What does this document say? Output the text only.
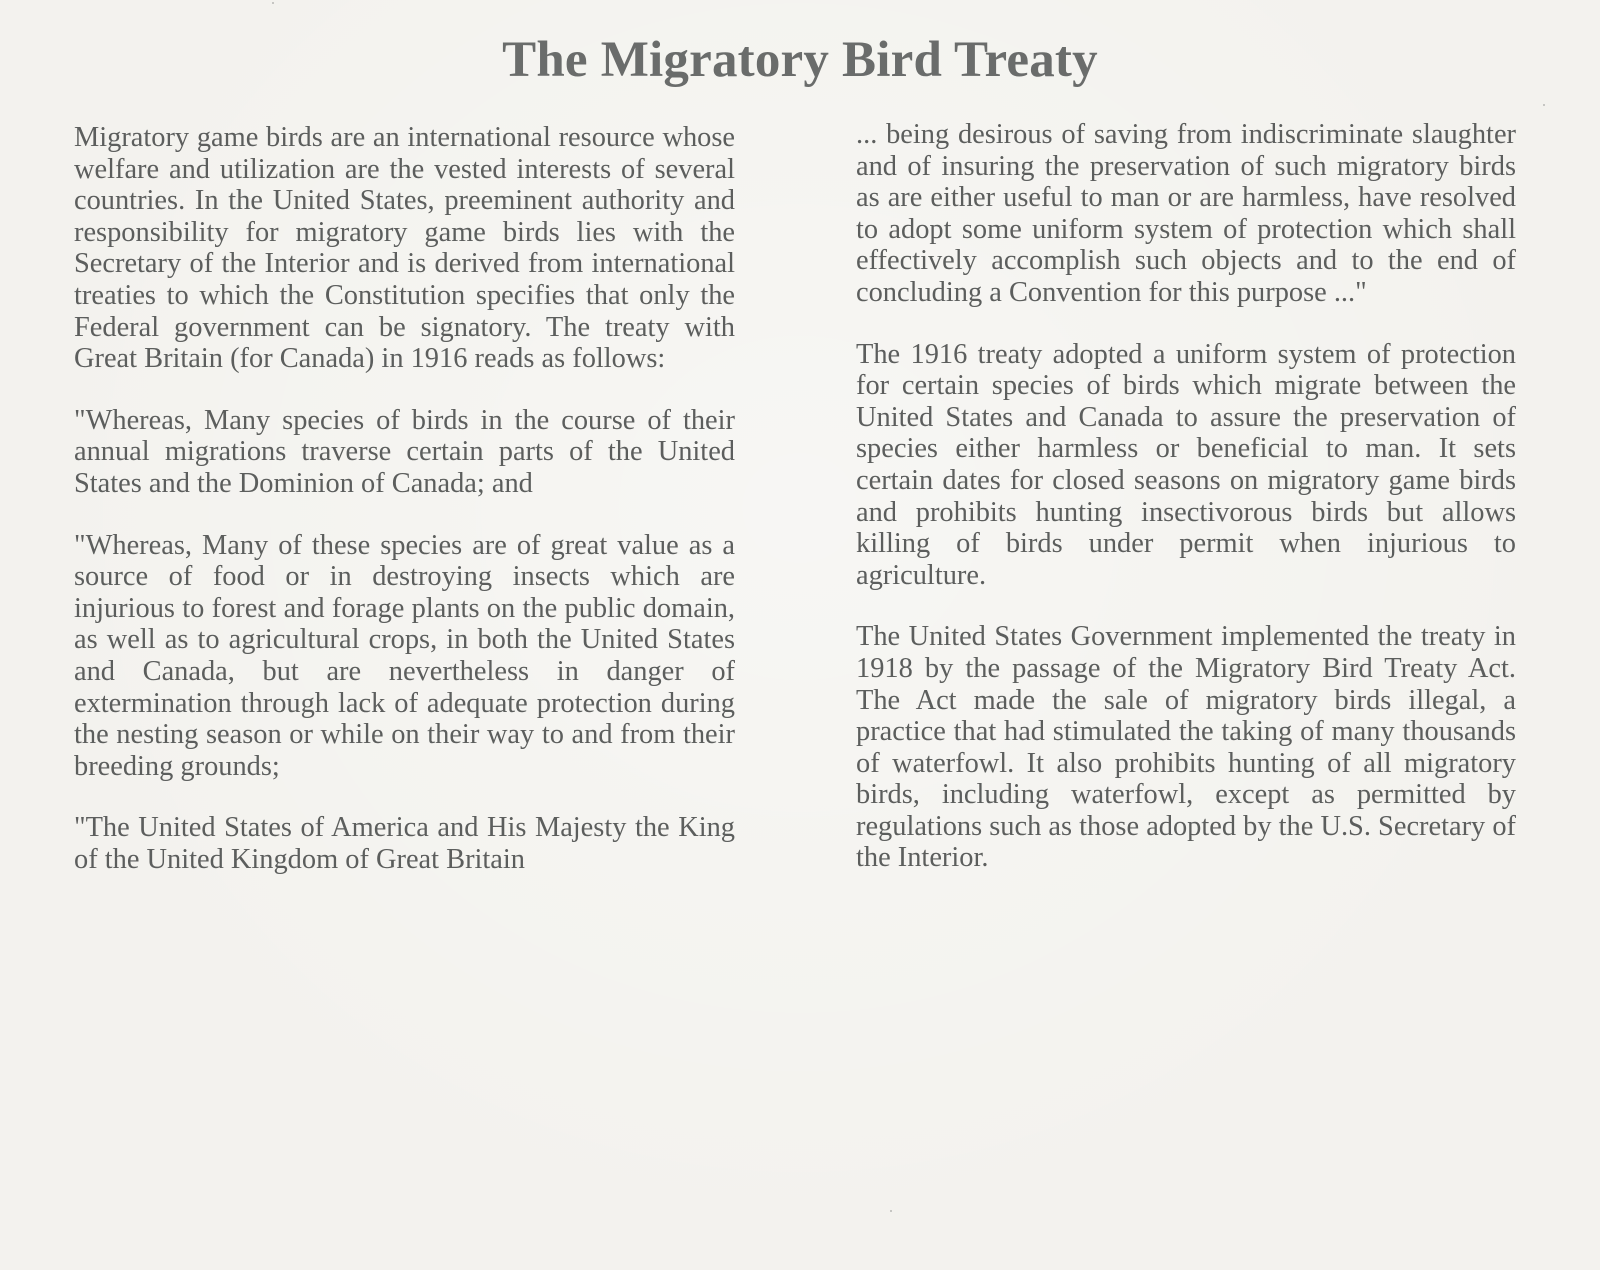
The Migratory Bird Treaty

Migratory game birds are an international resource whose welfare and utilization are the vested interests of several countries. In the United States, preeminent authority and responsibility for migratory game birds lies with the Secretary of the Interior and is derived from international treaties to which the Constitution specifies that only the Federal government can be signatory. The treaty with Great Britain (for Canada) in 1916 reads as follows:

"Whereas, Many species of birds in the course of their annual migrations traverse certain parts of the United States and the Dominion of Canada; and

"Whereas, Many of these species are of great value as a source of food or in destroying insects which are injurious to forest and forage plants on the public domain, as well as to agricultural crops, in both the United States and Canada, but are nevertheless in danger of extermination through lack of adequate protection during the nesting season or while on their way to and from their breeding grounds;

"The United States of America and His Majesty the King of the United Kingdom of Great Britain

... being desirous of saving from indiscriminate slaughter and of insuring the preservation of such migratory birds as are either useful to man or are harmless, have resolved to adopt some uniform system of protection which shall effectively accomplish such objects and to the end of concluding a Convention for this purpose ..."

The 1916 treaty adopted a uniform system of protection for certain species of birds which migrate between the United States and Canada to assure the preservation of species either harmless or beneficial to man. It sets certain dates for closed seasons on migratory game birds and prohibits hunting insectivorous birds but allows killing of birds under permit when injurious to agriculture.

The United States Government implemented the treaty in 1918 by the passage of the Migratory Bird Treaty Act. The Act made the sale of migratory birds illegal, a practice that had stimulated the taking of many thousands of waterfowl. It also prohibits hunting of all migratory birds, including waterfowl, except as permitted by regulations such as those adopted by the U.S. Secretary of the Interior.
